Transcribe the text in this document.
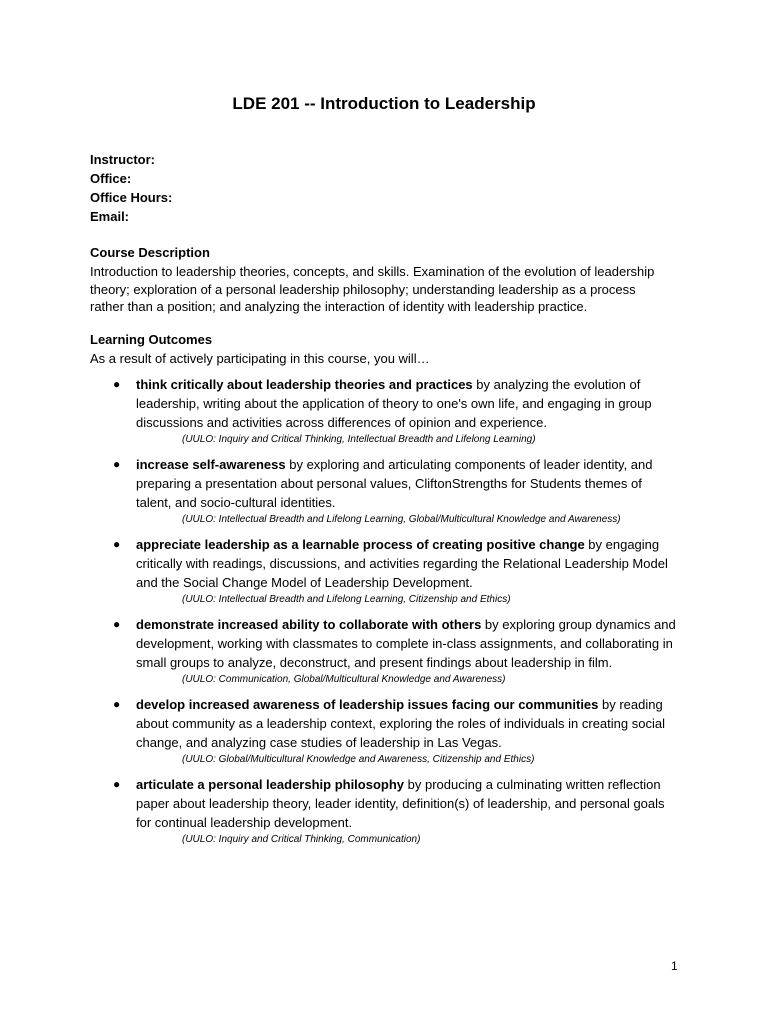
LDE 201 -- Introduction to Leadership
Instructor:
Office:
Office Hours:
Email:
Course Description

Introduction to leadership theories, concepts, and skills. Examination of the evolution of leadership theory; exploration of a personal leadership philosophy; understanding leadership as a process rather than a position; and analyzing the interaction of identity with leadership practice.

Learning Outcomes
As a result of actively participating in this course, you will…
● think critically about leadership theories and practices by analyzing the evolution of leadership, writing about the application of theory to one's own life, and engaging in group discussions and activities across differences of opinion and experience.
(UULO: Inquiry and Critical Thinking, Intellectual Breadth and Lifelong Learning)
● increase self-awareness by exploring and articulating components of leader identity, and preparing a presentation about personal values, CliftonStrengths for Students themes of talent, and socio-cultural identities.
(UULO: Intellectual Breadth and Lifelong Learning, Global/Multicultural Knowledge and Awareness)
● appreciate leadership as a learnable process of creating positive change by engaging critically with readings, discussions, and activities regarding the Relational Leadership Model and the Social Change Model of Leadership Development.
(UULO: Intellectual Breadth and Lifelong Learning, Citizenship and Ethics)
● demonstrate increased ability to collaborate with others by exploring group dynamics and development, working with classmates to complete in-class assignments, and collaborating in small groups to analyze, deconstruct, and present findings about leadership in film.
(UULO: Communication, Global/Multicultural Knowledge and Awareness)
● develop increased awareness of leadership issues facing our communities by reading about community as a leadership context, exploring the roles of individuals in creating social change, and analyzing case studies of leadership in Las Vegas.
(UULO: Global/Multicultural Knowledge and Awareness, Citizenship and Ethics)
● articulate a personal leadership philosophy by producing a culminating written reflection paper about leadership theory, leader identity, definition(s) of leadership, and personal goals for continual leadership development.
(UULO: Inquiry and Critical Thinking, Communication)
1
